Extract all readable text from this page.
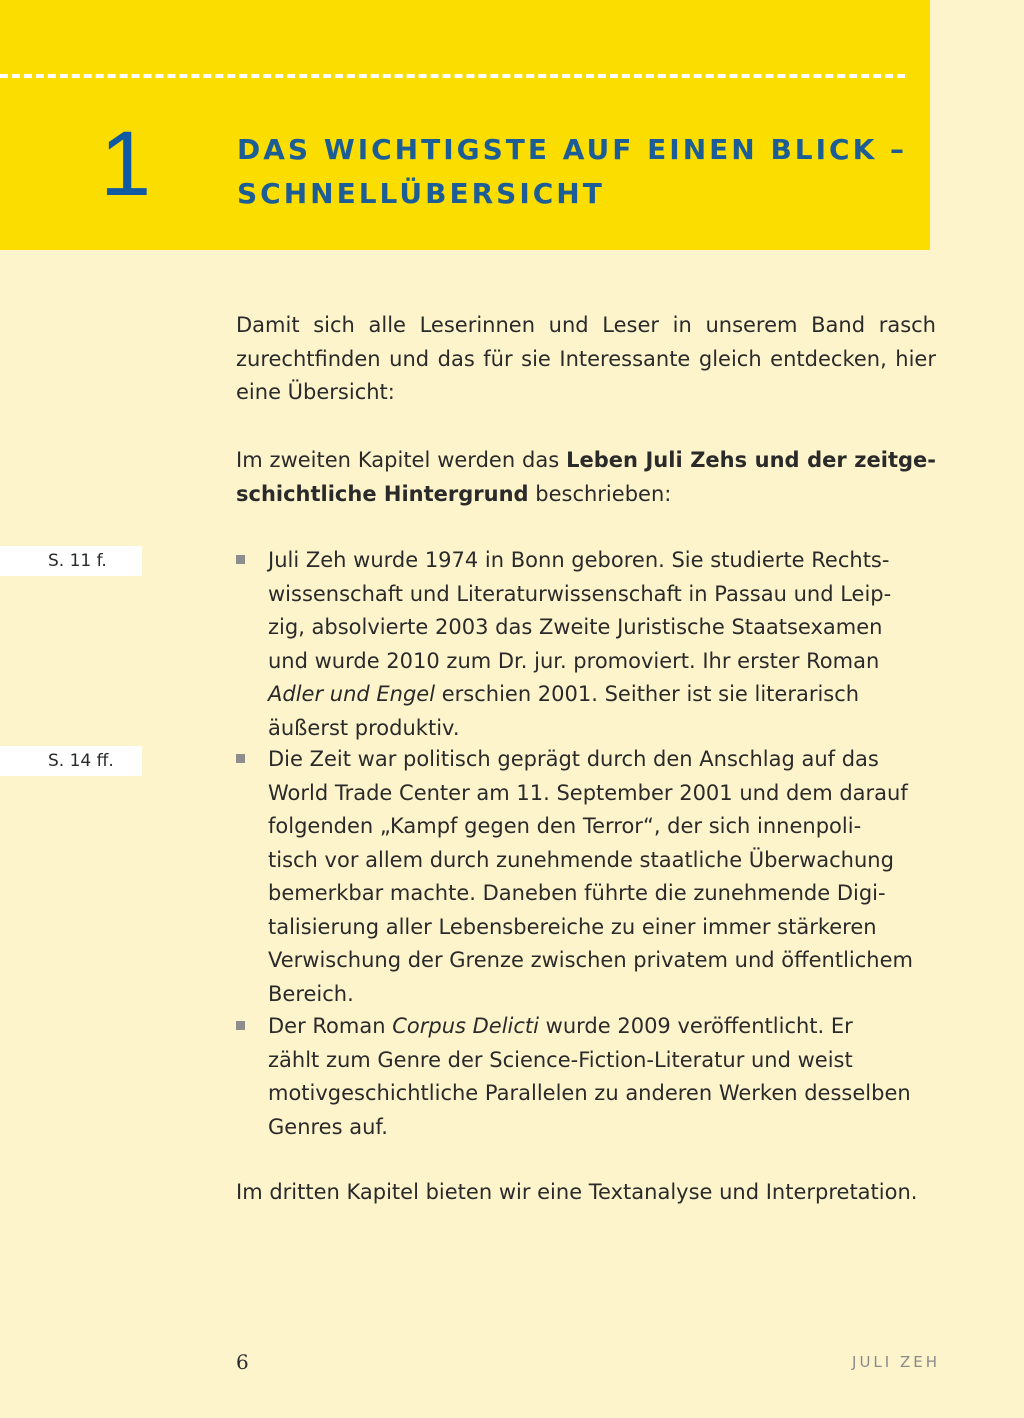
1	DAS WICHTIGSTE AUF EINEN BLICK –
SCHNELLÜBERSICHT
Damit sich alle Leserinnen und Leser in unserem Band rasch
zurechtfinden und das für sie Interessante gleich entdecken, hier
eine Übersicht:
Im zweiten Kapitel werden das Leben Juli Zehs und der zeitge-
schichtliche Hintergrund beschrieben:
S. 11 f.
S. 14 ff.
Juli Zeh wurde 1974 in Bonn geboren. Sie studierte Rechts-
wissenschaft und Literaturwissenschaft in Passau und Leip-
zig, absolvierte 2003 das Zweite Juristische Staatsexamen
und wurde 2010 zum Dr. jur. promoviert. Ihr erster Roman
Adler und Engel erschien 2001. Seither ist sie literarisch
äußerst produktiv.
Die Zeit war politisch geprägt durch den Anschlag auf das
World Trade Center am 11. September 2001 und dem darauf
folgenden „Kampf gegen den Terror“, der sich innenpoli-
tisch vor allem durch zunehmende staatliche Überwachung
bemerkbar machte. Daneben führte die zunehmende Digi-
talisierung aller Lebensbereiche zu einer immer stärkeren
Verwischung der Grenze zwischen privatem und öffentlichem
Bereich.
Der Roman Corpus Delicti wurde 2009 veröffentlicht. Er
zählt zum Genre der Science-Fiction-Literatur und weist
motivgeschichtliche Parallelen zu anderen Werken desselben
Genres auf.
Im dritten Kapitel bieten wir eine Textanalyse und Interpretation.
6	JULI ZEH
